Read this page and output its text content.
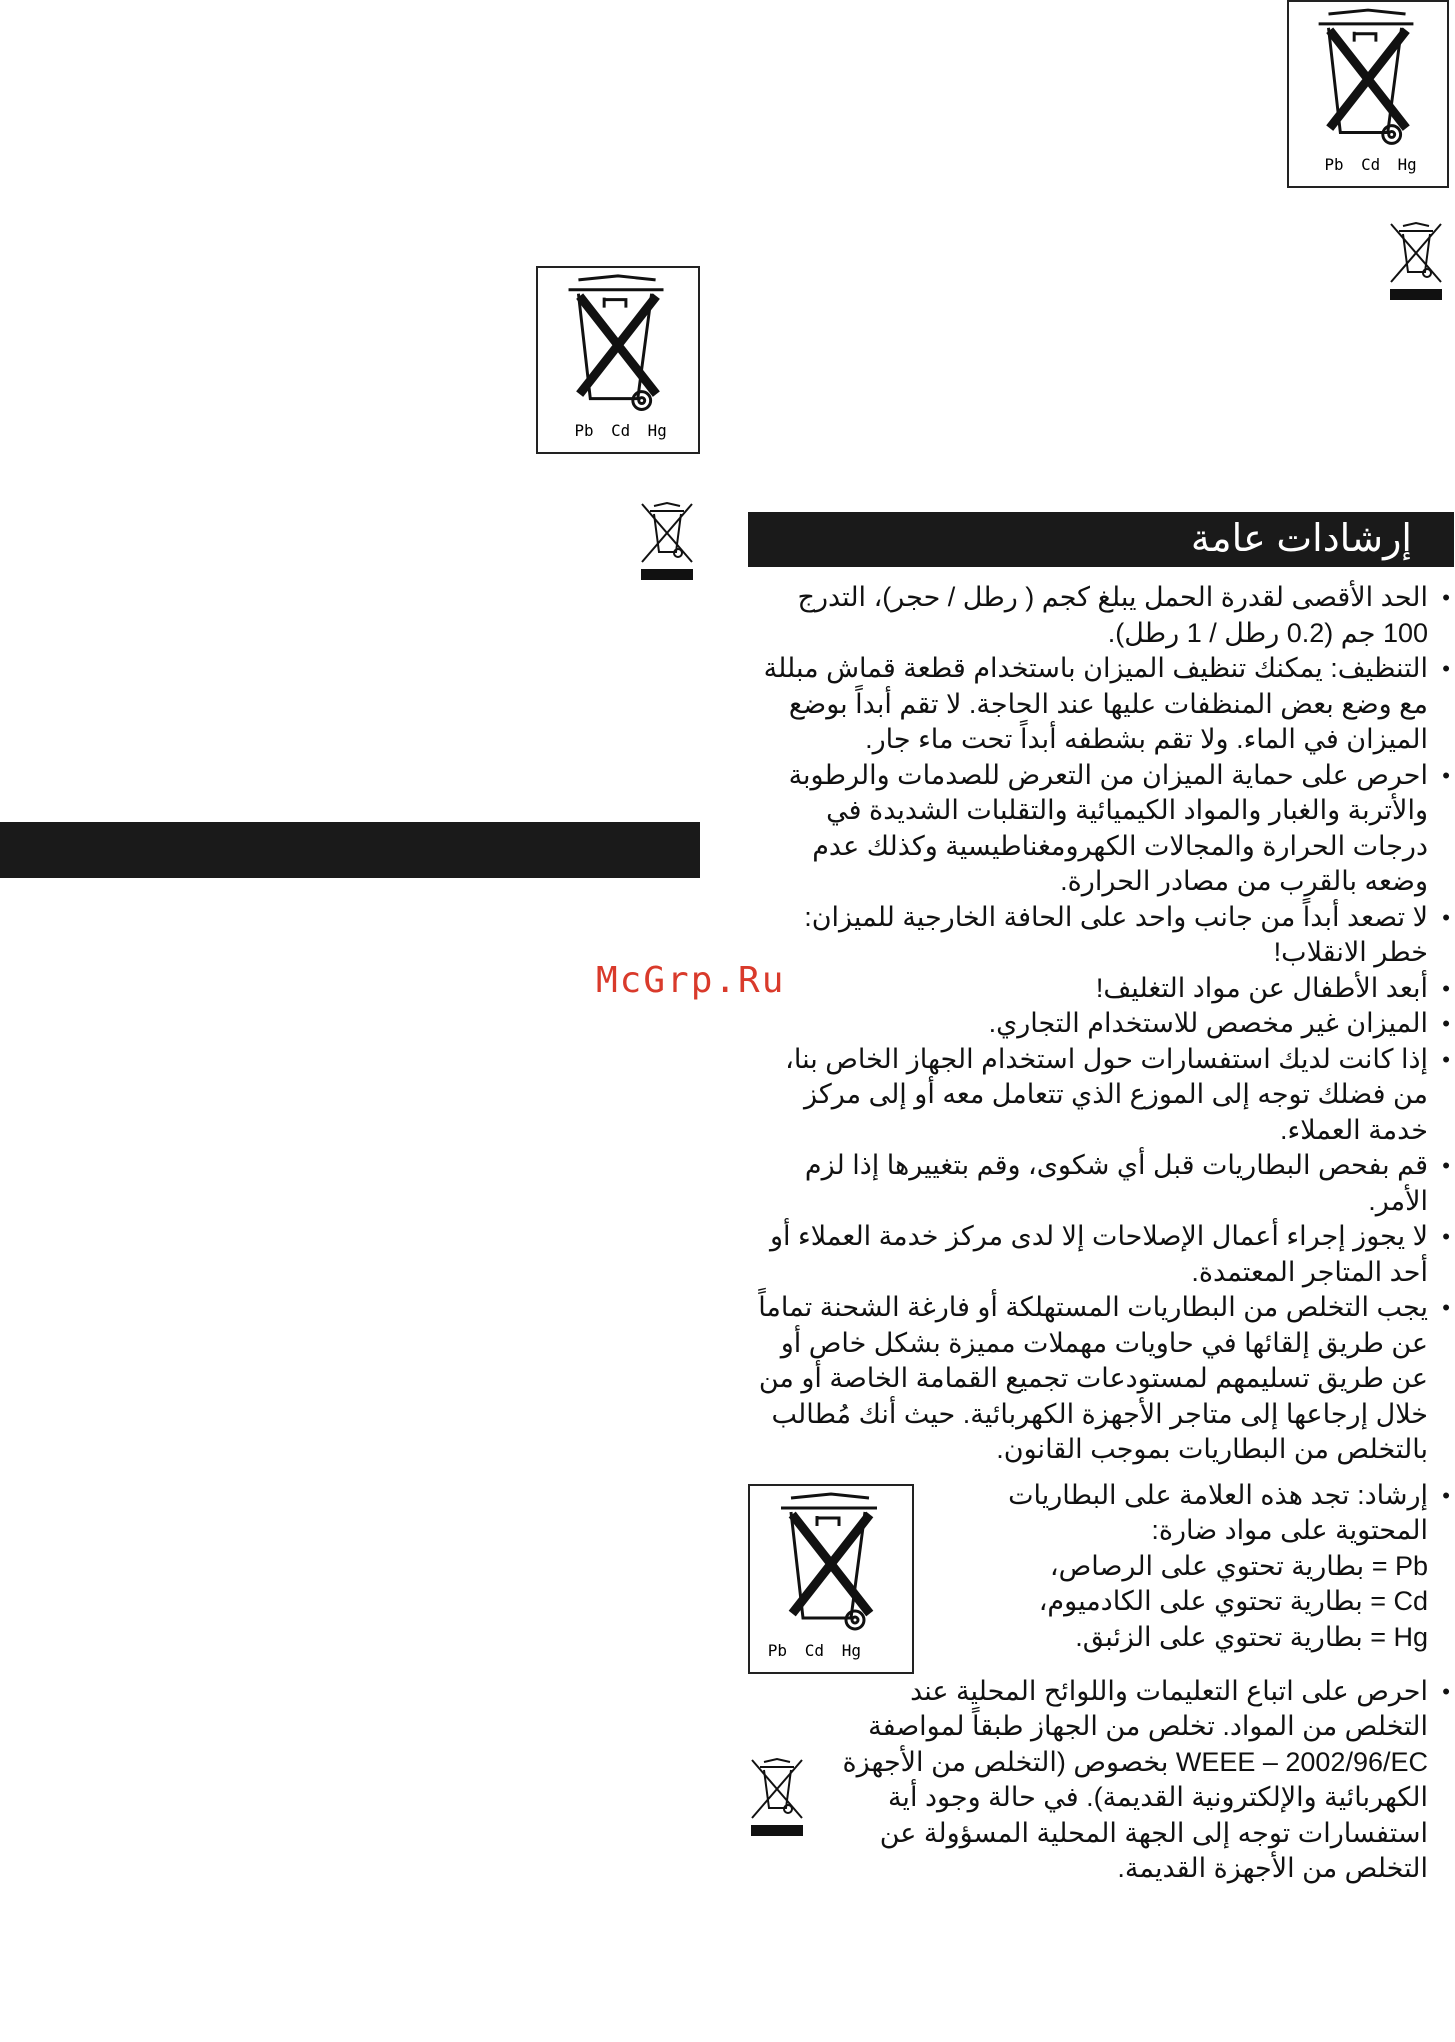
Pb Cd Hg
Pb Cd Hg
إرشادات عامة
McGrp.Ru
• الحد الأقصى لقدرة الحمل يبلغ كجم ( رطل / حجر)، التدرج 100 جم (0.2 رطل / 1 رطل).
• التنظيف: يمكنك تنظيف الميزان باستخدام قطعة قماش مبللة مع وضع بعض المنظفات عليها عند الحاجة. لا تقم أبداً بوضع الميزان في الماء. ولا تقم بشطفه أبداً تحت ماء جار.
• احرص على حماية الميزان من التعرض للصدمات والرطوبة والأتربة والغبار والمواد الكيميائية والتقلبات الشديدة في درجات الحرارة والمجالات الكهرومغناطيسية وكذلك عدم وضعه بالقرب من مصادر الحرارة.
• لا تصعد أبداً من جانب واحد على الحافة الخارجية للميزان: خطر الانقلاب!
• أبعد الأطفال عن مواد التغليف!
• الميزان غير مخصص للاستخدام التجاري.
• إذا كانت لديك استفسارات حول استخدام الجهاز الخاص بنا، من فضلك توجه إلى الموزع الذي تتعامل معه أو إلى مركز خدمة العملاء.
• قم بفحص البطاريات قبل أي شكوى، وقم بتغييرها إذا لزم الأمر.
• لا يجوز إجراء أعمال الإصلاحات إلا لدى مركز خدمة العملاء أو أحد المتاجر المعتمدة.
• يجب التخلص من البطاريات المستهلكة أو فارغة الشحنة تماماً عن طريق إلقائها في حاويات مهملات مميزة بشكل خاص أو عن طريق تسليمهم لمستودعات تجميع القمامة الخاصة أو من خلال إرجاعها إلى متاجر الأجهزة الكهربائية. حيث أنك مُطالب بالتخلص من البطاريات بموجب القانون.
• إرشاد: تجد هذه العلامة على البطاريات المحتوية على مواد ضارة:
Pb = بطارية تحتوي على الرصاص،
Cd = بطارية تحتوي على الكادميوم،
Hg = بطارية تحتوي على الزئبق.
Pb Cd Hg
• احرص على اتباع التعليمات واللوائح المحلية عند التخلص من المواد. تخلص من الجهاز طبقاً لمواصفة WEEE – 2002/96/EC بخصوص (التخلص من الأجهزة الكهربائية والإلكترونية القديمة). في حالة وجود أية استفسارات توجه إلى الجهة المحلية المسؤولة عن التخلص من الأجهزة القديمة.
